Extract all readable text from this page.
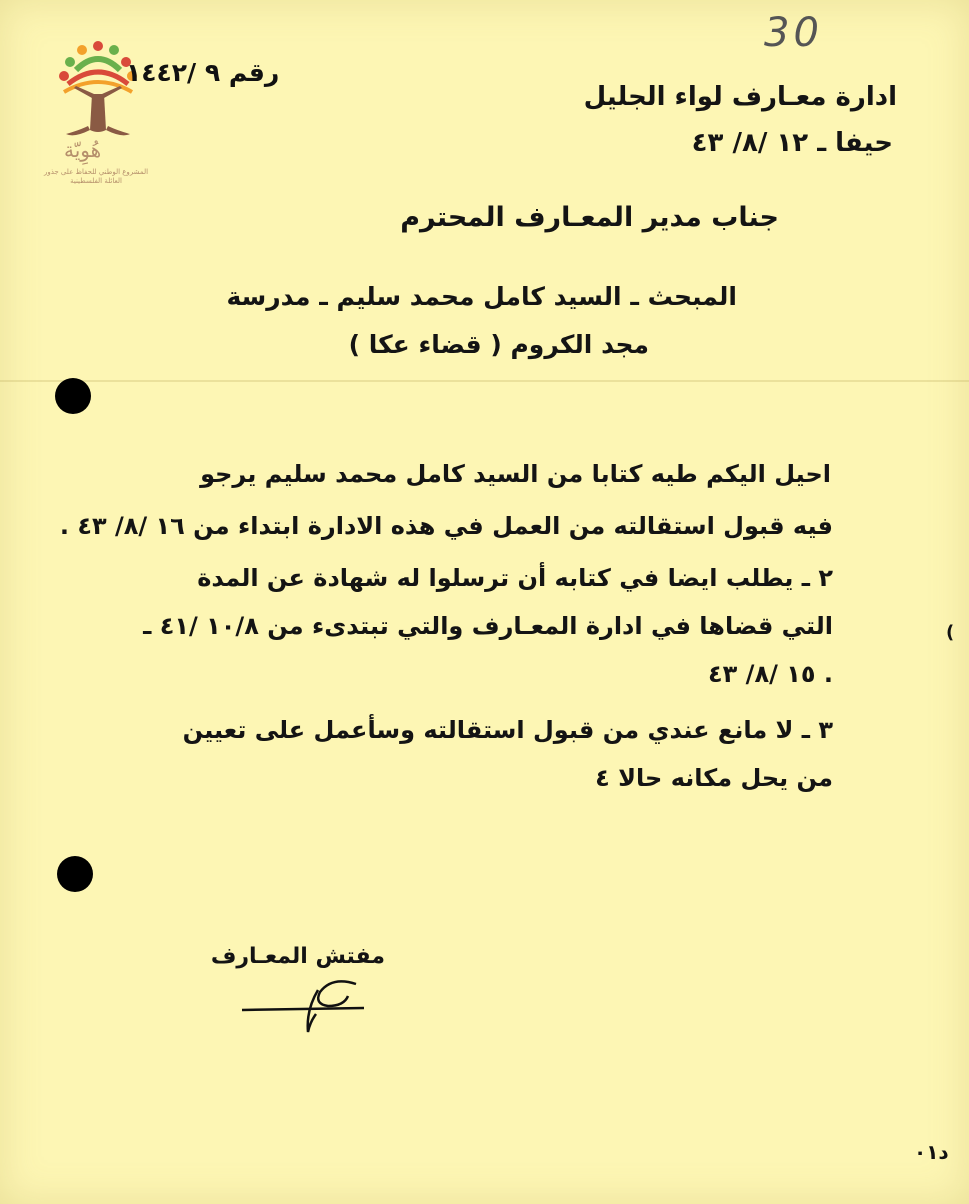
هُوِيّة
المشروع الوطني للحفاظ على جذور العائلة الفلسطينية
30
رقم ٩ /١٤٤٢
ادارة معـارف لواء الجليل
حيفا ـ ١٢ /٨/ ٤٣
جناب مدير المعـارف المحترم
المبحث ـ السيد كامل محمد سليم ـ مدرسة
مجد الكروم ( قضاء عكا )
احيل اليكم طيه كتابا من السيد كامل محمد سليم يرجو
فيه قبول استقالته من العمل في هذه الادارة ابتداء من ١٦ /٨/ ٤٣ .
٢ ـ يطلب ايضا في كتابه أن ترسلوا له شهادة عن المدة
التي قضاها في ادارة المعـارف والتي تبتدىء من ١٠/٨ /٤١ ـ
١٥ /٨/ ٤٣ .
٣ ـ لا مانع عندي من قبول استقالته وسأعمل على تعيين
من يحل مكانه حالا ٤
(
مفتش المعـارف
د٠١
